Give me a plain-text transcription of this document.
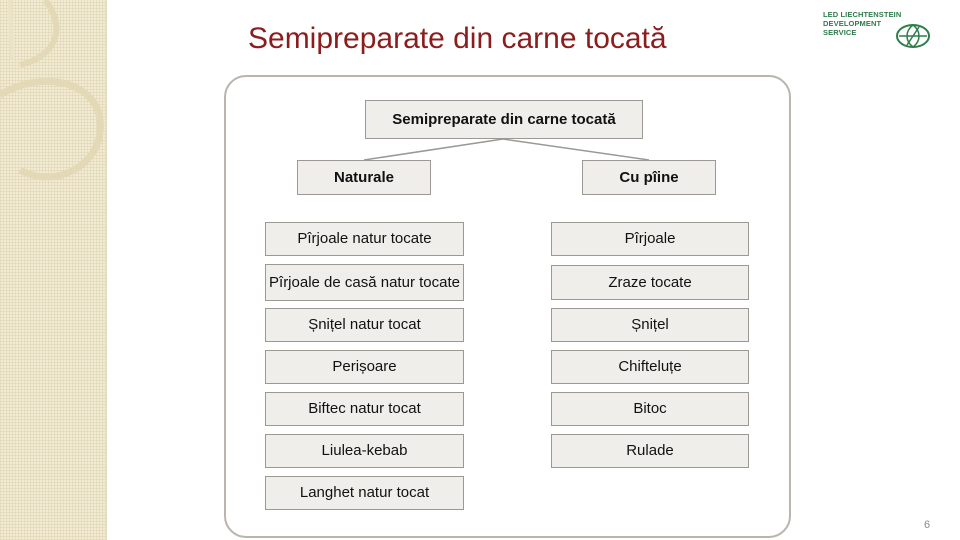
Semipreparate din carne tocată
LED LIECHTENSTEIN
DEVELOPMENT
SERVICE
Semipreparate din carne tocată
Naturale	Cu pîine
Pîrjoale natur tocate
Pîrjoale de casă natur tocate
Șnițel natur tocat
Perișoare
Biftec natur tocat
Liulea-kebab
Langhet natur tocat
Pîrjoale
Zraze tocate
Șnițel
Chifteluțe
Bitoc
Rulade
6
